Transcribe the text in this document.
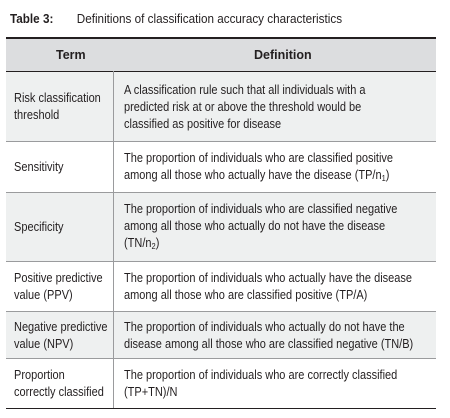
Table 3: Definitions of classification accuracy characteristics
Term	Definition
Risk classification
threshold
A classification rule such that all individuals with a
predicted risk at or above the threshold would be
classified as positive for disease
Sensitivity
The proportion of individuals who are classified positive
among all those who actually have the disease $(TP/n_1)$
Specificity
The proportion of individuals who are classified negative
among all those who actually do not have the disease
$(TN/n_2)$
Positive predictive
value (PPV)
The proportion of individuals who actually have the disease
among all those who are classified positive (TP/A)
Negative predictive
value (NPV)
The proportion of individuals who actually do not have the
disease among all those who are classified negative (TN/B)
Proportion
correctly classified
The proportion of individuals who are correctly classified
(TP+TN)/N
